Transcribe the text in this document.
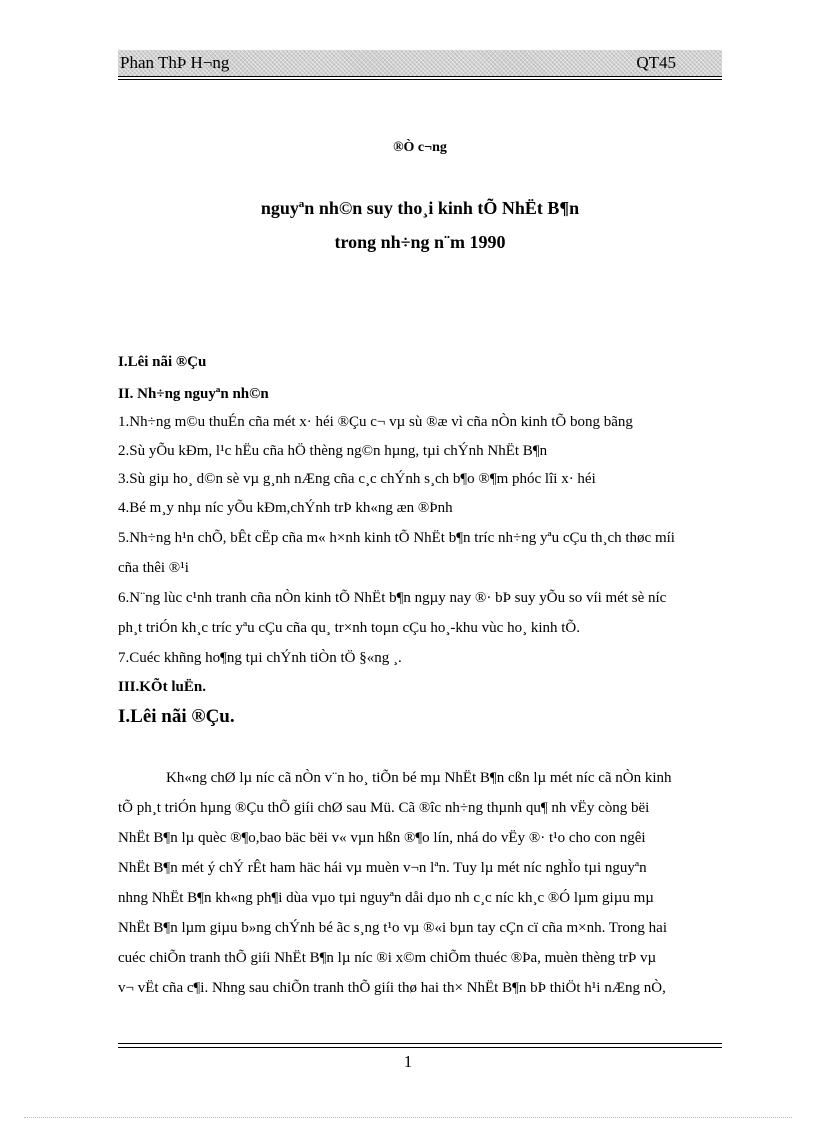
Phan ThÞ H¬ng	QT45
®Ò c¬ng
nguyªn nh©n suy tho¸i kinh tÕ NhËt B¶n
trong nh÷ng n¨m 1990
I.Lêi nãi ®Çu
II. Nh÷ng nguyªn nh©n
1.Nh÷ng m©u thuÉn cña mét x· héi ®Çu c¬ vµ sù ®æ vì cña nÒn kinh tÕ bong bãng
2.Sù yÕu kÐm, l¹c hËu cña hÖ thèng ng©n hµng, tµi chÝnh NhËt B¶n
3.Sù giµ ho¸ d©n sè vµ g¸nh nÆng cña c¸c chÝnh s¸ch b¶o ®¶m phóc lîi x· héi
4.Bé m¸y nhµ níc yÕu kÐm,chÝnh trÞ kh«ng æn ®Þnh
5.Nh÷ng h¹n chÕ, bÊt cËp cña m« h×nh kinh tÕ NhËt b¶n tríc nh÷ng yªu cÇu th¸ch thøc míi
cña thêi ®¹i
6.N¨ng lùc c¹nh tranh cña nÒn kinh tÕ NhËt b¶n ngµy nay ®· bÞ suy yÕu so víi mét sè níc
ph¸t triÓn kh¸c tríc yªu cÇu cña qu¸ tr×nh toµn cÇu ho¸-khu vùc ho¸ kinh tÕ.
7.Cuéc khñng ho¶ng tµi chÝnh tiÒn tÖ §«ng ¸.
III.KÕt luËn.
I.Lêi nãi ®Çu.
Kh«ng chØ lµ níc cã nÒn v¨n ho¸ tiÕn bé mµ NhËt B¶n cßn lµ mét níc cã nÒn kinh
tÕ ph¸t triÓn hµng ®Çu thÕ giíi chØ sau Mü. Cã ®îc nh÷ng thµnh qu¶ nh vËy còng bëi
NhËt B¶n lµ quèc ®¶o,bao bäc bëi v« vµn hßn ®¶o lín, nhá do vËy ®· t¹o cho con ngêi
NhËt B¶n mét ý chÝ rÊt ham häc hái vµ muèn v¬n lªn. Tuy lµ mét níc nghÌo tµi nguyªn
nhng NhËt B¶n kh«ng ph¶i dùa vµo tµi nguyªn dåi dµo nh c¸c níc kh¸c ®Ó lµm giµu mµ
NhËt B¶n lµm giµu b»ng chÝnh bé ãc s¸ng t¹o vµ ®«i bµn tay cÇn cï cña m×nh. Trong hai
cuéc chiÕn tranh thÕ giíi NhËt B¶n lµ níc ®i x©m chiÕm thuéc ®Þa, muèn thèng trÞ vµ
v¬ vËt cña c¶i. Nhng sau chiÕn tranh thÕ giíi thø hai th× NhËt B¶n bÞ thiÖt h¹i nÆng nÒ,
1
